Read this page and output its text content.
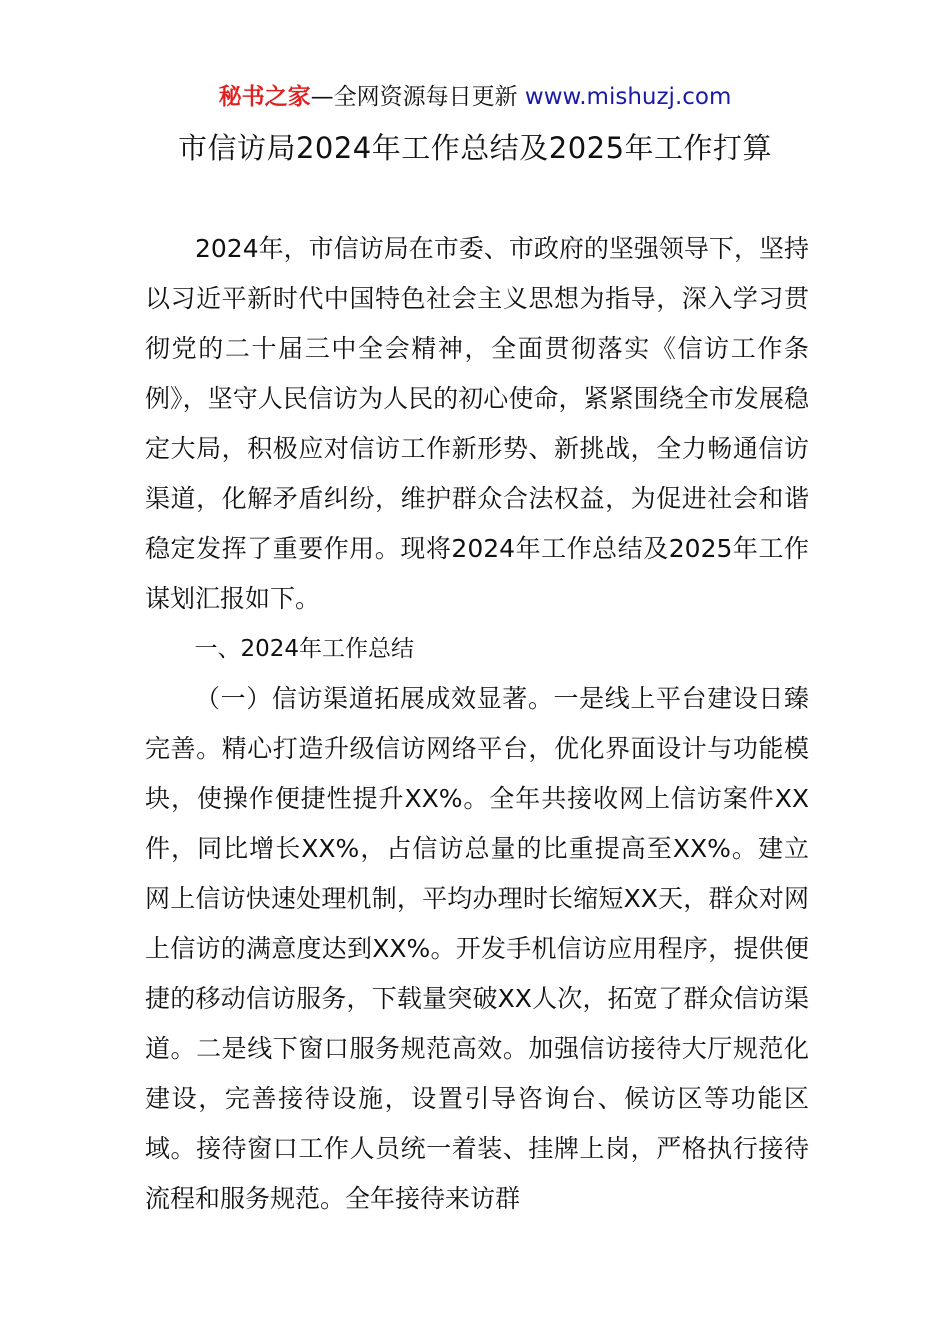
秘书之家—全网资源每日更新 www.mishuzj.com
市信访局2024年工作总结及2025年工作打算

2024年，市信访局在市委、市政府的坚强领导下，坚持以习近平新时代中国特色社会主义思想为指导，深入学习贯彻党的二十届三中全会精神，全面贯彻落实《信访工作条例》，坚守人民信访为人民的初心使命，紧紧围绕全市发展稳定大局，积极应对信访工作新形势、新挑战，全力畅通信访渠道，化解矛盾纠纷，维护群众合法权益，为促进社会和谐稳定发挥了重要作用。现将2024年工作总结及2025年工作谋划汇报如下。

一、2024年工作总结

（一）信访渠道拓展成效显著。一是线上平台建设日臻完善。精心打造升级信访网络平台，优化界面设计与功能模块，使操作便捷性提升XX%。全年共接收网上信访案件XX件，同比增长XX%，占信访总量的比重提高至XX%。建立网上信访快速处理机制，平均办理时长缩短XX天，群众对网上信访的满意度达到XX%。开发手机信访应用程序，提供便捷的移动信访服务，下载量突破XX人次，拓宽了群众信访渠道。二是线下窗口服务规范高效。加强信访接待大厅规范化建设，完善接待设施，设置引导咨询台、候访区等功能区域。接待窗口工作人员统一着装、挂牌上岗，严格执行接待流程和服务规范。全年接待来访群
